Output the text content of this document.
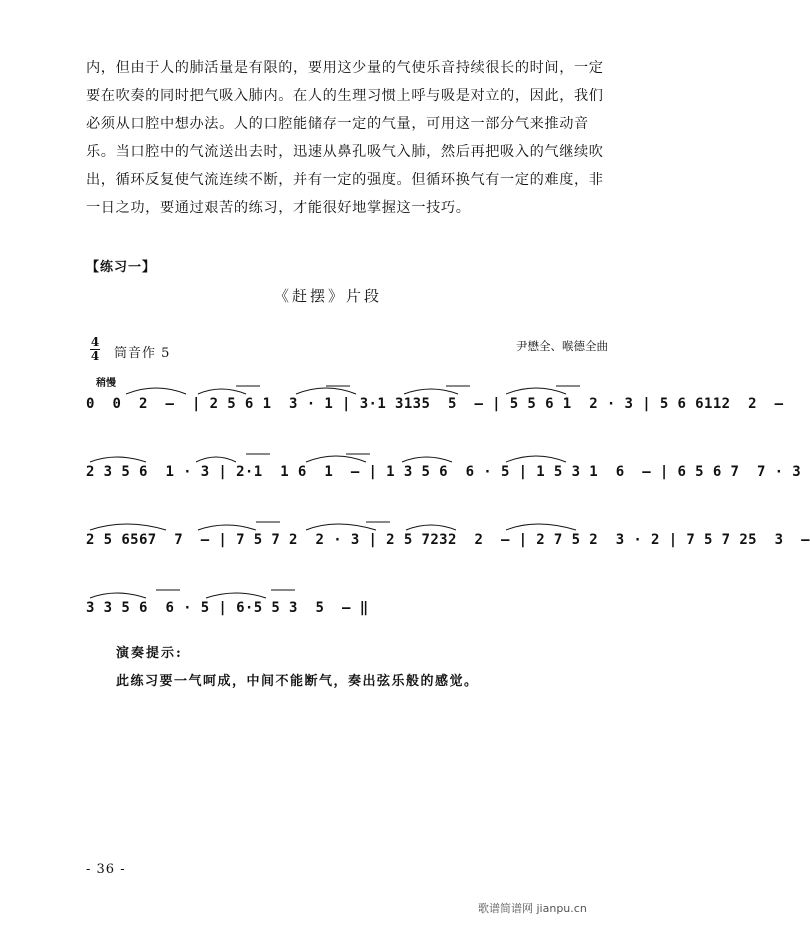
内，但由于人的肺活量是有限的，要用这少量的气使乐音持续很长的时间，一定

要在吹奏的同时把气吸入肺内。在人的生理习惯上呼与吸是对立的，因此，我们

必须从口腔中想办法。人的口腔能储存一定的气量，可用这一部分气来推动音

乐。当口腔中的气流送出去时，迅速从鼻孔吸气入肺，然后再把吸入的气继续吹

出，循环反复使气流连续不断，并有一定的强度。但循环换气有一定的难度，非

一日之功，要通过艰苦的练习，才能很好地掌握这一技巧。

【练习一】
《赶摆》片段
4
4 筒音作 5	尹懋全、喉德全曲
稍慢

0  0  2  –  | 2 5 6 1  3 · 1 | 3·1 3135  5  – | 5 5 6 1  2 · 3 | 5 6 6112  2  –

2 3 5 6  1 · 3 | 2·1  1 6  1  – | 1 3 5 6  6 · 5 | 1 5 3 1  6  – | 6 5 6 7  7 · 3

2 5 6567  7  – | 7 5 7 2  2 · 3 | 2 5 7232  2  – | 2 7 5 2  3 · 2 | 7 5 7 25  3  –

3 3 5 6  6 · 5 | 6·5 5 3  5  – ‖

演奏提示:
此练习要一气呵成，中间不能断气，奏出弦乐般的感觉。
- 36 -
歌谱简谱网 jianpu.cn
